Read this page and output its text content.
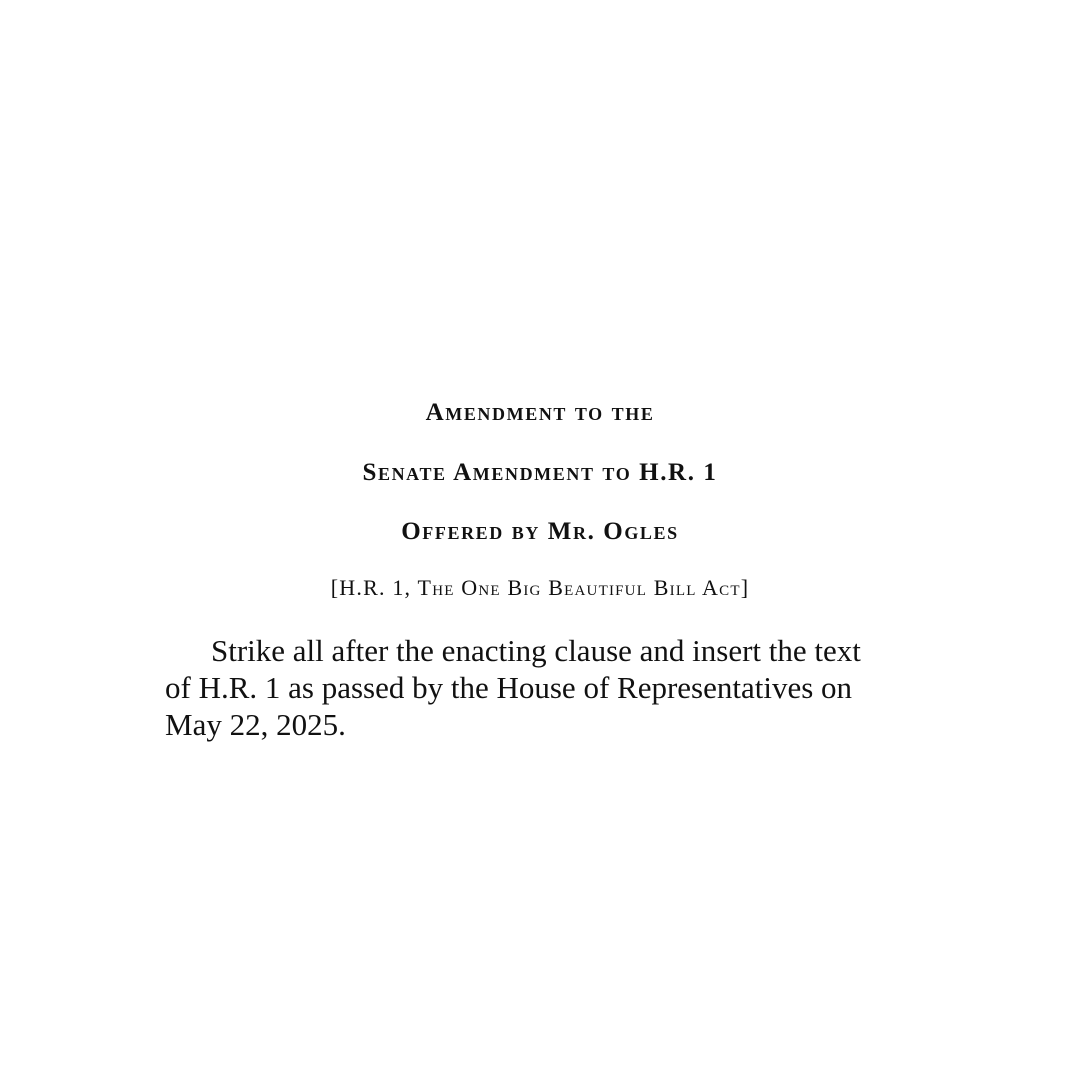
Amendment to the
Senate Amendment to H.R. 1
Offered by Mr. Ogles
[H.R. 1, The One Big Beautiful Bill Act]
Strike all after the enacting clause and insert the text
of H.R. 1 as passed by the House of Representatives on
May 22, 2025.
